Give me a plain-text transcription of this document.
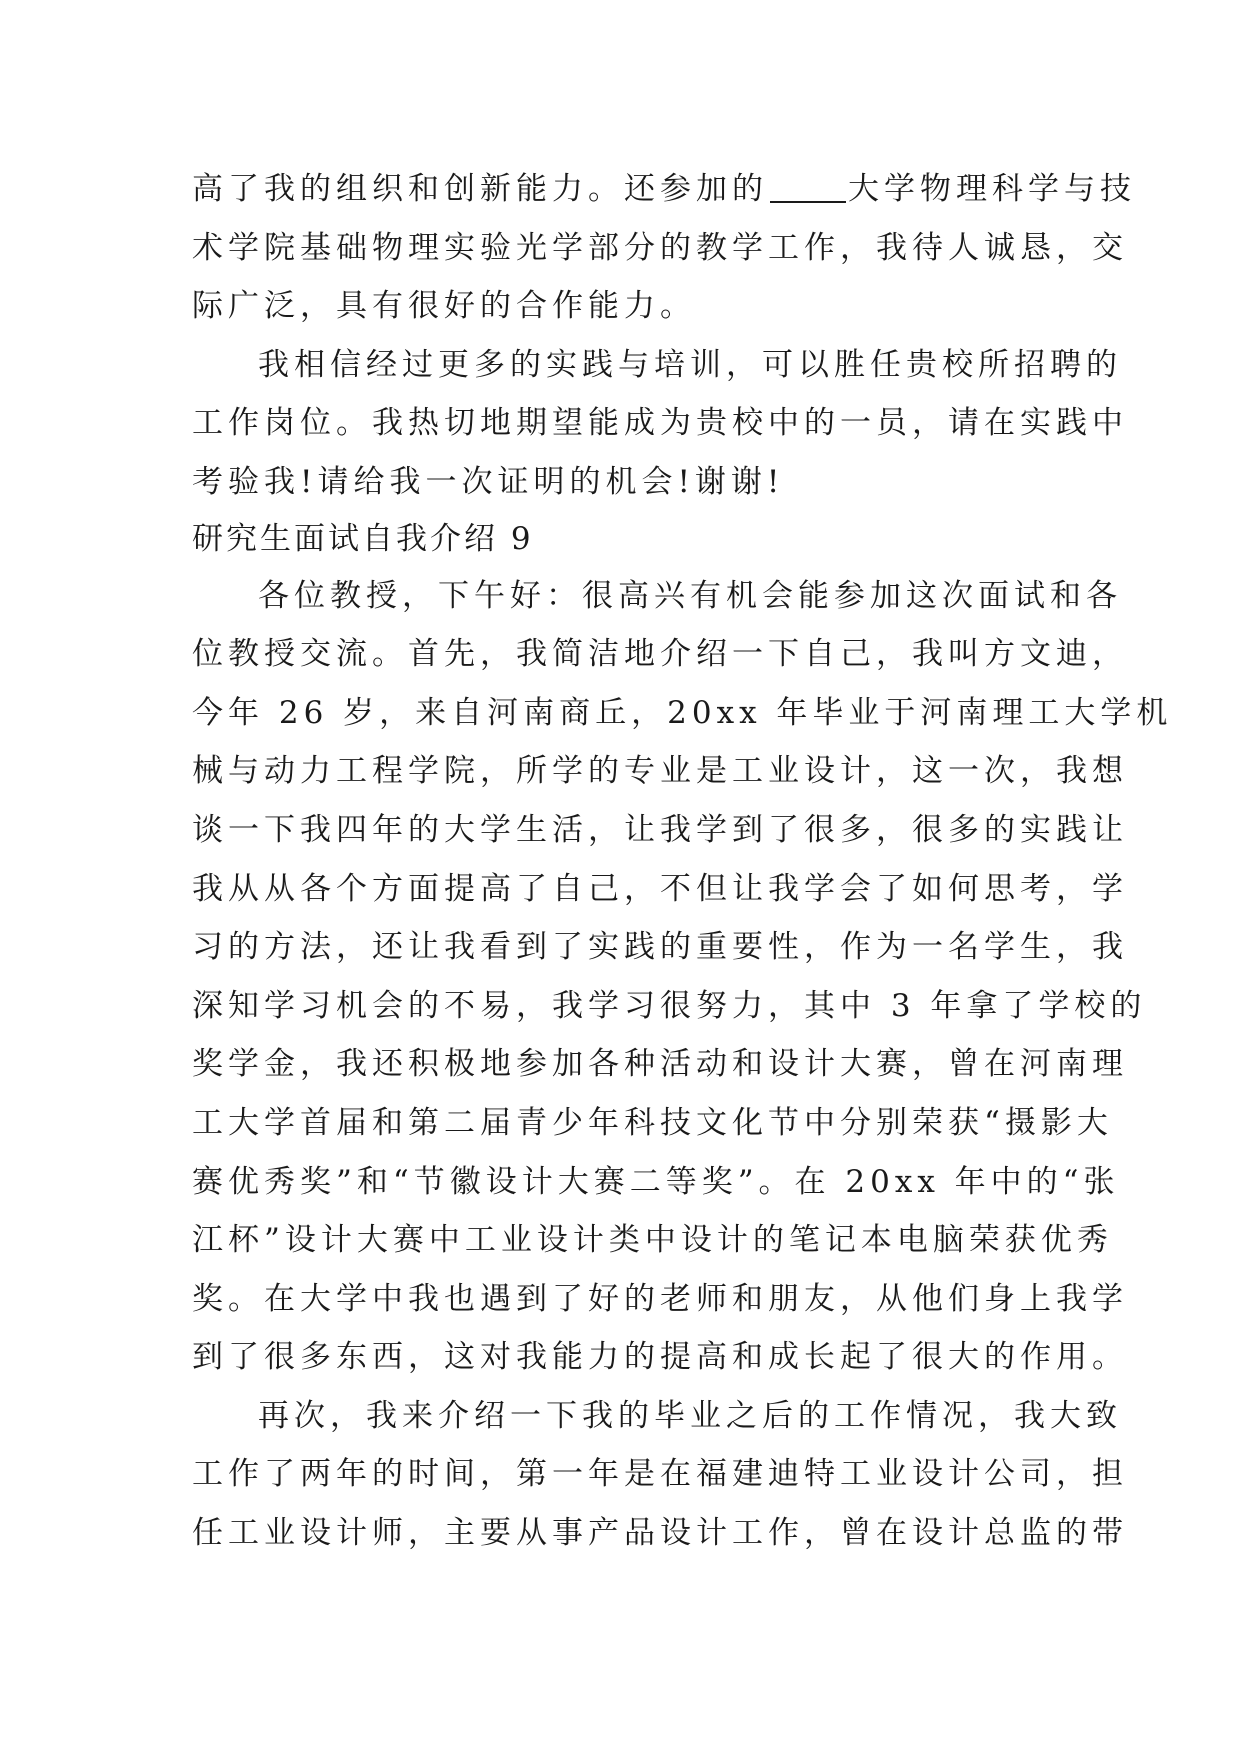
高了我的组织和创新能力。还参加的	大学物理科学与技
术学院基础物理实验光学部分的教学工作，我待人诚恳，交
际广泛，具有很好的合作能力。
我相信经过更多的实践与培训，可以胜任贵校所招聘的
工作岗位。我热切地期望能成为贵校中的一员，请在实践中
考验我!请给我一次证明的机会!谢谢!
研究生面试自我介绍 9
各位教授，下午好：很高兴有机会能参加这次面试和各
位教授交流。首先，我简洁地介绍一下自己，我叫方文迪，
今年 26 岁，来自河南商丘，20xx 年毕业于河南理工大学机
械与动力工程学院，所学的专业是工业设计，这一次，我想
谈一下我四年的大学生活，让我学到了很多，很多的实践让
我从从各个方面提高了自己，不但让我学会了如何思考，学
习的方法，还让我看到了实践的重要性，作为一名学生，我
深知学习机会的不易，我学习很努力，其中 3 年拿了学校的
奖学金，我还积极地参加各种活动和设计大赛，曾在河南理
工大学首届和第二届青少年科技文化节中分别荣获“摄影大
赛优秀奖”和“节徽设计大赛二等奖”。在 20xx 年中的“张
江杯”设计大赛中工业设计类中设计的笔记本电脑荣获优秀
奖。在大学中我也遇到了好的老师和朋友，从他们身上我学
到了很多东西，这对我能力的提高和成长起了很大的作用。
再次，我来介绍一下我的毕业之后的工作情况，我大致
工作了两年的时间，第一年是在福建迪特工业设计公司，担
任工业设计师，主要从事产品设计工作，曾在设计总监的带
